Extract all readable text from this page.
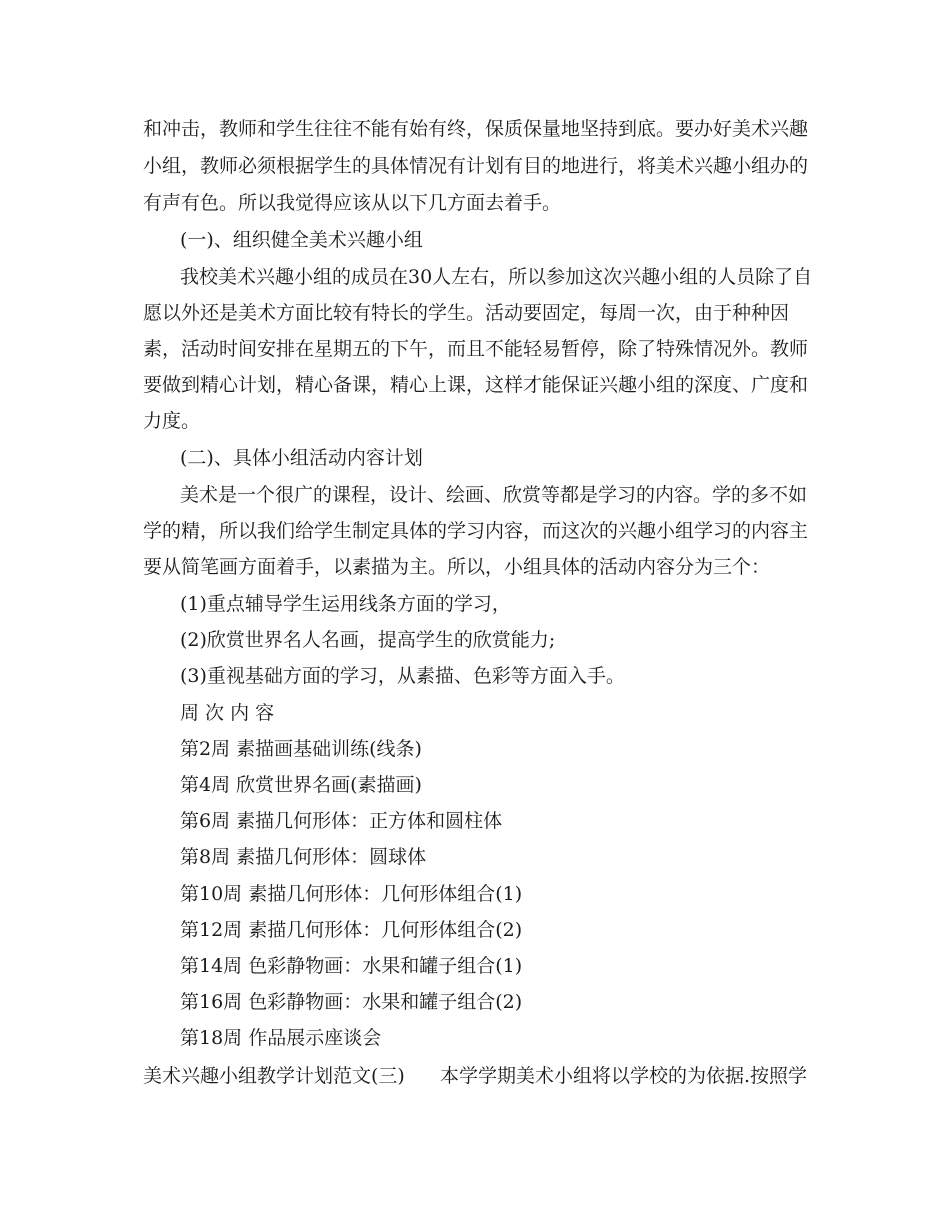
和冲击，教师和学生往往不能有始有终，保质保量地坚持到底。要办好美术兴趣
小组，教师必须根据学生的具体情况有计划有目的地进行，将美术兴趣小组办的
有声有色。所以我觉得应该从以下几方面去着手。
(一)、组织健全美术兴趣小组
我校美术兴趣小组的成员在30人左右，所以参加这次兴趣小组的人员除了自
愿以外还是美术方面比较有特长的学生。活动要固定，每周一次，由于种种因
素，活动时间安排在星期五的下午，而且不能轻易暂停，除了特殊情况外。教师
要做到精心计划，精心备课，精心上课，这样才能保证兴趣小组的深度、广度和
力度。
(二)、具体小组活动内容计划
美术是一个很广的课程，设计、绘画、欣赏等都是学习的内容。学的多不如
学的精，所以我们给学生制定具体的学习内容，而这次的兴趣小组学习的内容主
要从简笔画方面着手，以素描为主。所以，小组具体的活动内容分为三个：
(1)重点辅导学生运用线条方面的学习，
(2)欣赏世界名人名画，提高学生的欣赏能力;
(3)重视基础方面的学习，从素描、色彩等方面入手。
周 次 内 容
第2周 素描画基础训练(线条)
第4周 欣赏世界名画(素描画)
第6周 素描几何形体：正方体和圆柱体
第8周 素描几何形体：圆球体
第10周 素描几何形体：几何形体组合(1)
第12周 素描几何形体：几何形体组合(2)
第14周 色彩静物画：水果和罐子组合(1)
第16周 色彩静物画：水果和罐子组合(2)
第18周 作品展示座谈会
美术兴趣小组教学计划范文(三) 本学学期美术小组将以学校的为依据.按照学
